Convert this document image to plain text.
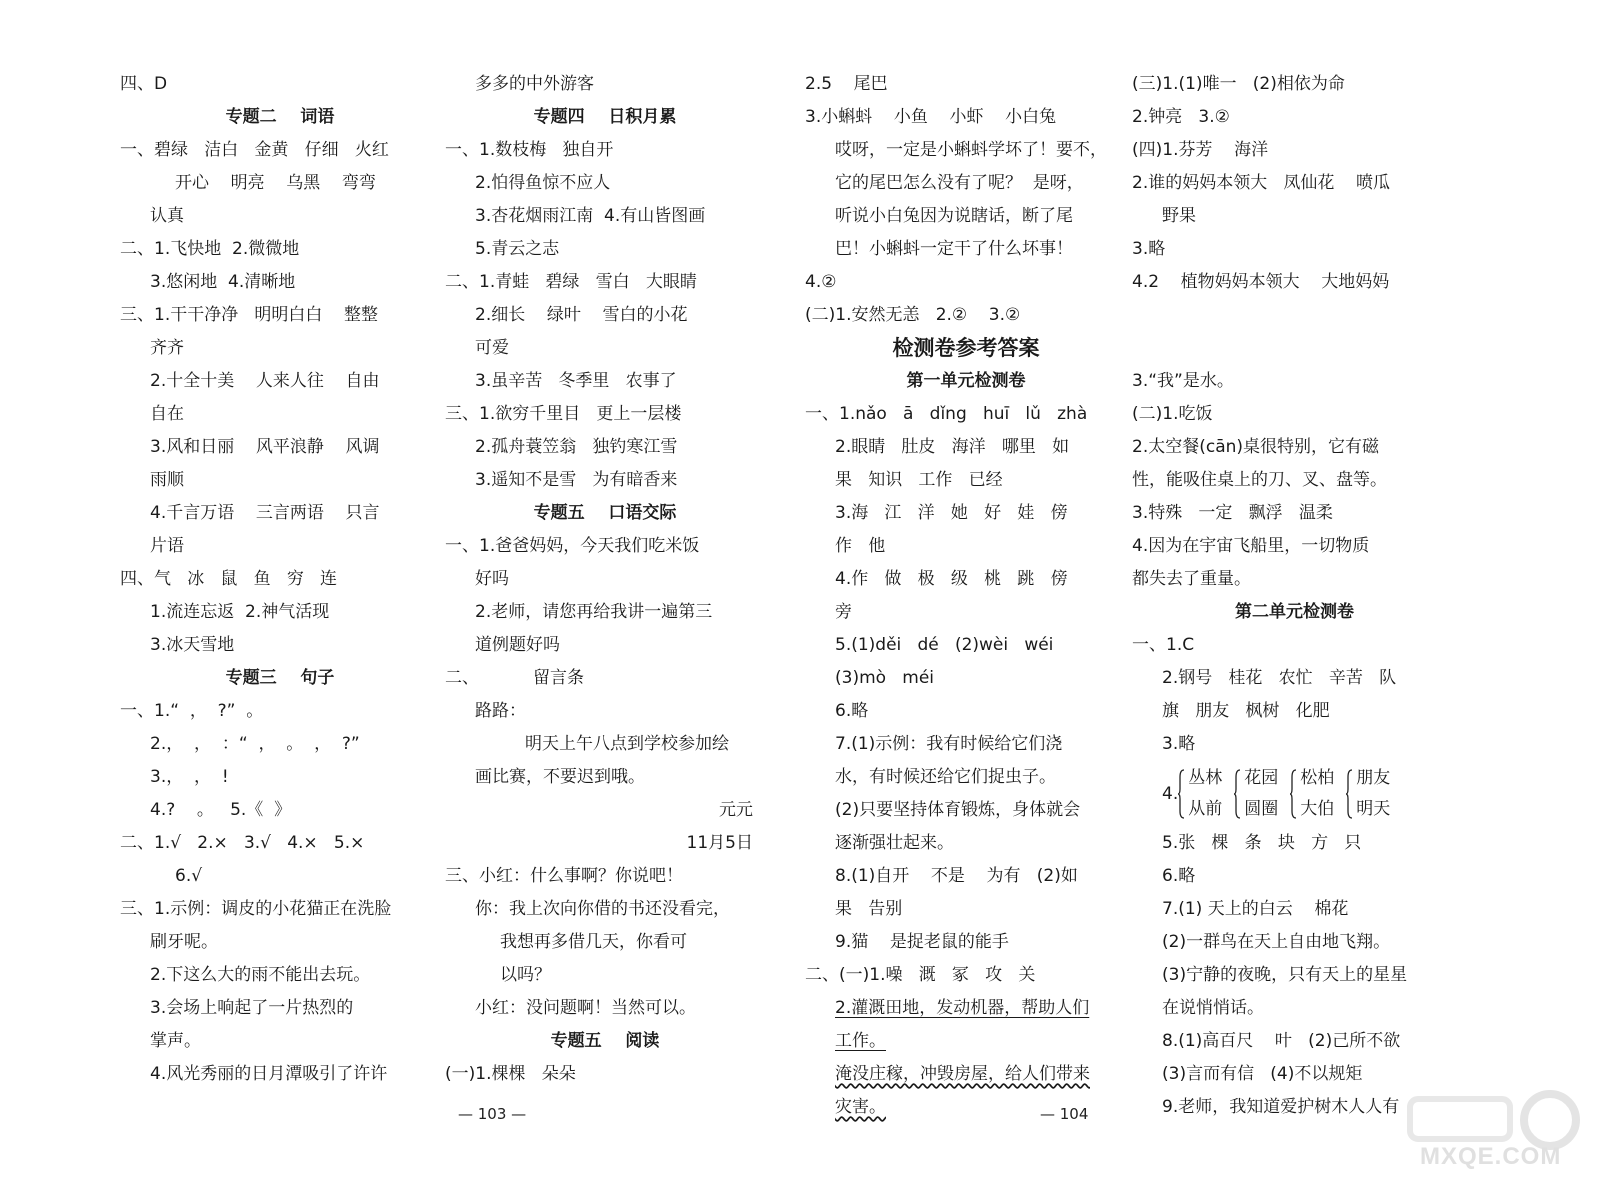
四、D
专题二    词语
一、碧绿   洁白   金黄   仔细   火红
开心    明亮    乌黑    弯弯
认真
二、1.飞快地  2.微微地
3.悠闲地  4.清晰地
三、1.干干净净   明明白白    整整
齐齐
2.十全十美    人来人往    自由
自在
3.风和日丽    风平浪静    风调
雨顺
4.千言万语    三言两语    只言
片语
四、气   冰   鼠   鱼   穷   连
1.流连忘返  2.神气活现
3.冰天雪地
专题三    句子
一、1.“  ，  ?”  。
2.，  ，  ：“  ，  。  ，  ?”
3.，  ，  !
4.?    。   5.《  》
二、1.√   2.×   3.√   4.×   5.×
6.√
三、1.示例：调皮的小花猫正在洗脸
刷牙呢。
2.下这么大的雨不能出去玩。
3.会场上响起了一片热烈的
掌声。
4.风光秀丽的日月潭吸引了许许
多多的中外游客
专题四    日积月累
一、1.数枝梅   独自开
2.怕得鱼惊不应人
3.杏花烟雨江南  4.有山皆图画
5.青云之志
二、1.青蛙   碧绿   雪白   大眼睛
2.细长    绿叶    雪白的小花
可爱
3.虽辛苦   冬季里   农事了
三、1.欲穷千里目   更上一层楼
2.孤舟蓑笠翁   独钓寒江雪
3.遥知不是雪   为有暗香来
专题五    口语交际
一、1.爸爸妈妈，今天我们吃米饭
好吗
2.老师，请您再给我讲一遍第三
道例题好吗
二、          留言条
路路：
明天上午八点到学校参加绘
画比赛，不要迟到哦。
元元
11月5日
三、小红：什么事啊？你说吧！
你：我上次向你借的书还没看完，
我想再多借几天，你看可
以吗？
小红：没问题啊！当然可以。
专题五    阅读
(一)1.棵棵   朵朵
2.5    尾巴
3.小蝌蚪    小鱼    小虾    小白兔
哎呀，一定是小蝌蚪学坏了！要不，
它的尾巴怎么没有了呢？  是呀，
听说小白兔因为说瞎话，断了尾
巴！小蝌蚪一定干了什么坏事！
4.②
(二)1.安然无恙   2.②    3.②
检测卷参考答案
第一单元检测卷
一、1.nǎo   ā   dǐng   huī   lǔ   zhà
2.眼睛   肚皮   海洋   哪里   如
果   知识   工作   已经
3.海   江   洋   她   好   娃   傍
作   他
4.作   做   极   级   桃   跳   傍
旁
5.(1)děi   dé   (2)wèi   wéi
(3)mò   méi
6.略
7.(1)示例：我有时候给它们浇
水，有时候还给它们捉虫子。
(2)只要坚持体育锻炼，身体就会
逐渐强壮起来。
8.(1)自开    不是    为有   (2)如
果   告别
9.猫    是捉老鼠的能手
二、(一)1.噪   溉   冢   攻   关
2.灌溉田地，发动机器，帮助人们
工作。
淹没庄稼，冲毁房屋，给人们带来
灾害。
(三)1.(1)唯一   (2)相依为命
2.钟亮   3.②
(四)1.芬芳    海洋
2.谁的妈妈本领大   凤仙花    喷瓜
野果
3.略
4.2    植物妈妈本领大    大地妈妈
3.“我”是水。
(二)1.吃饭
2.太空餐(cān)桌很特别，它有磁
性，能吸住桌上的刀、叉、盘等。
3.特殊   一定   飘浮   温柔
4.因为在宇宙飞船里，一切物质
都失去了重量。
第二单元检测卷
一、1.C
2.钢号   桂花   农忙   辛苦   队
旗   朋友   枫树   化肥
3.略
4.
丛林
从前
花园
圆圈
松柏
大伯
朋友
明天
5.张   棵   条   块   方   只
6.略
7.(1) 天上的白云    棉花
(2)一群鸟在天上自由地飞翔。
(3)宁静的夜晚，只有天上的星星
在说悄悄话。
8.(1)高百尺    叶   (2)己所不欲
(3)言而有信   (4)不以规矩
9.老师，我知道爱护树木人人有
— 103 —	— 104
MXQE.COM
